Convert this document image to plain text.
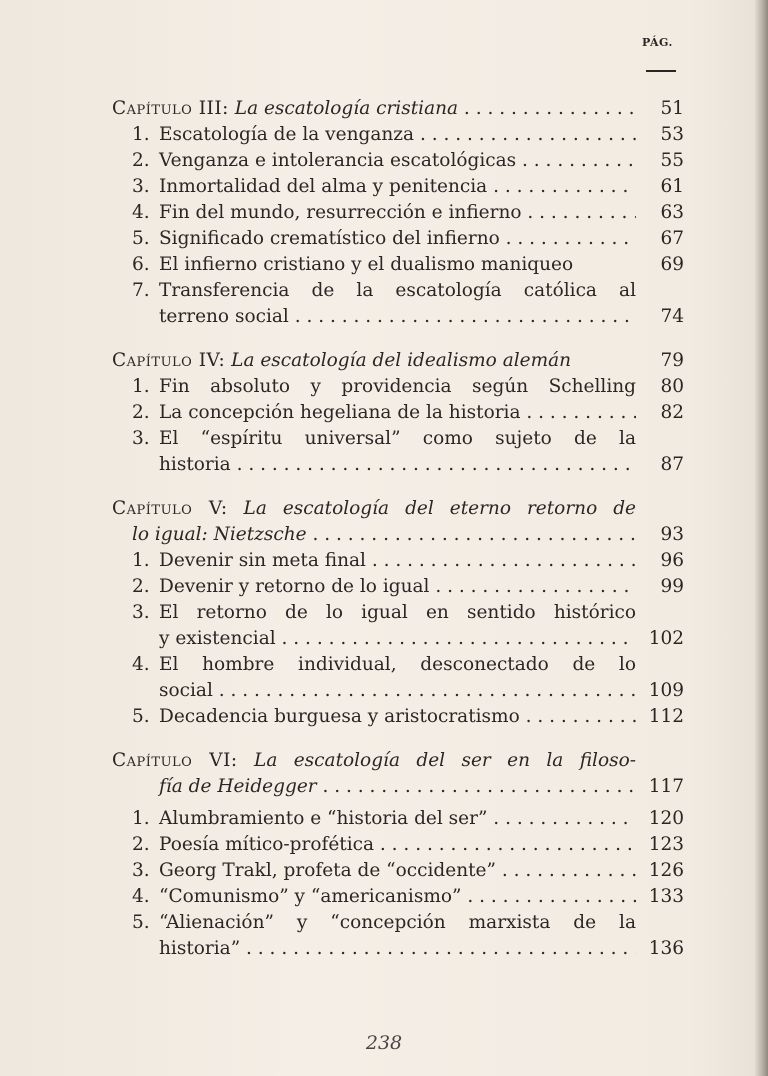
PÁG.
Capítulo III: La escatología cristiana . . .	51
1. Escatología de la venganza . . .	53
2. Venganza e intolerancia escatológicas . . .	55
3. Inmortalidad del alma y penitencia . . .	61
4. Fin del mundo, resurrección e infierno . . .	63
5. Significado crematístico del infierno . . .	67
6. El infierno cristiano y el dualismo maniqueo	69
7. Transferencia de la escatología católica al
terreno social . . .	74
Capítulo IV: La escatología del idealismo alemán	79
1. Fin absoluto y providencia según Schelling	80
2. La concepción hegeliana de la historia . . .	82
3. El “espíritu universal” como sujeto de la
historia . . .	87
Capítulo V: La escatología del eterno retorno de
lo igual: Nietzsche . . .	93
1. Devenir sin meta final . . .	96
2. Devenir y retorno de lo igual . . .	99
3. El retorno de lo igual en sentido histórico
y existencial . . .	102
4. El hombre individual, desconectado de lo
social . . .	109
5. Decadencia burguesa y aristocratismo . . .	112
Capítulo VI: La escatología del ser en la filoso-
fía de Heidegger . . .	117
1. Alumbramiento e “historia del ser” . . .	120
2. Poesía mítico-profética . . .	123
3. Georg Trakl, profeta de “occidente” . . .	126
4. “Comunismo” y “americanismo” . . .	133
5. “Alienación” y “concepción marxista de la
historia” . . .	136
238
